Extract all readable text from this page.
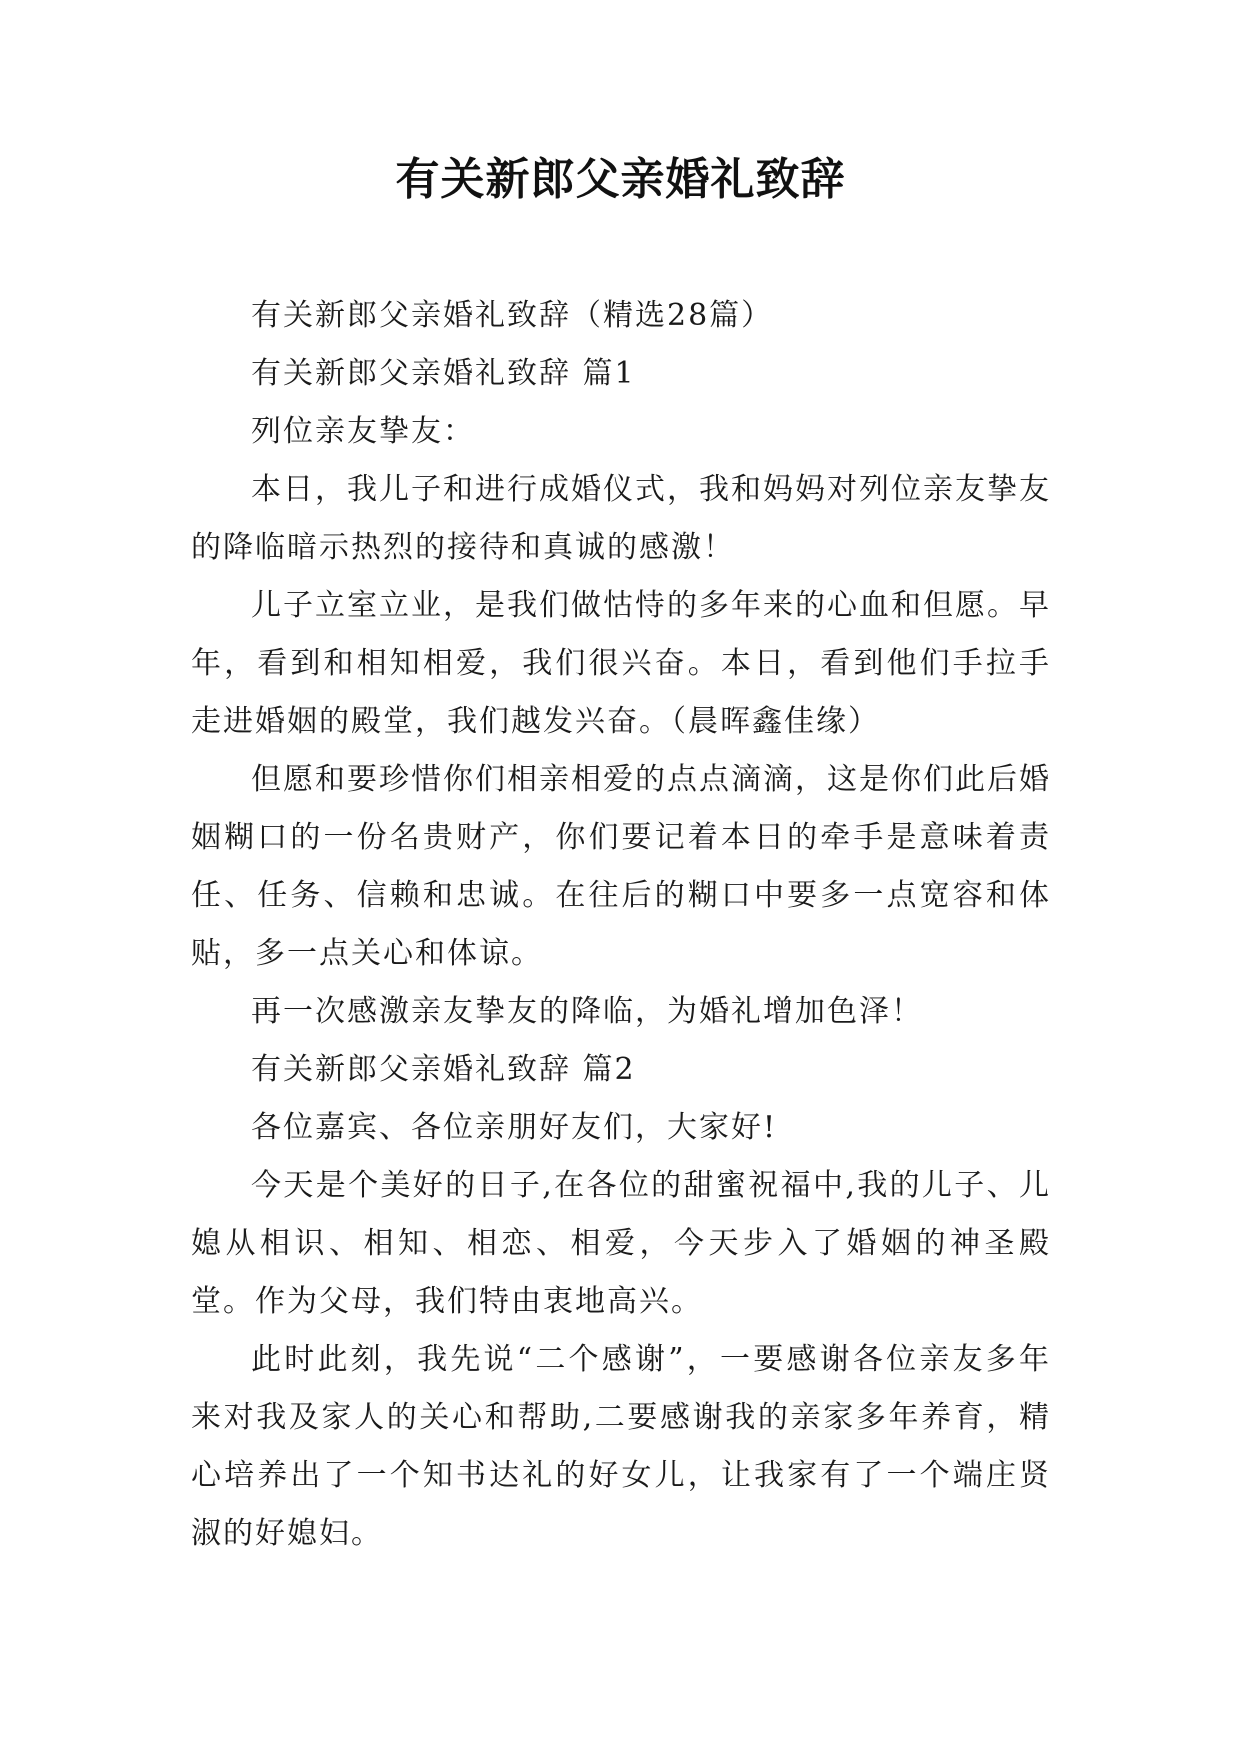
有关新郎父亲婚礼致辞

有关新郎父亲婚礼致辞（精选28篇）

有关新郎父亲婚礼致辞 篇1

列位亲友挚友：

本日，我儿子和进行成婚仪式，我和妈妈对列位亲友挚友的降临暗示热烈的接待和真诚的感激！

儿子立室立业，是我们做怙恃的多年来的心血和但愿。早年，看到和相知相爱，我们很兴奋。本日，看到他们手拉手走进婚姻的殿堂，我们越发兴奋。（晨晖鑫佳缘）

但愿和要珍惜你们相亲相爱的点点滴滴，这是你们此后婚姻糊口的一份名贵财产，你们要记着本日的牵手是意味着责任、任务、信赖和忠诚。在往后的糊口中要多一点宽容和体贴，多一点关心和体谅。

再一次感激亲友挚友的降临，为婚礼增加色泽！

有关新郎父亲婚礼致辞 篇2

各位嘉宾、各位亲朋好友们，大家好!

今天是个美好的日子,在各位的甜蜜祝福中,我的儿子、儿媳从相识、相知、相恋、相爱，今天步入了婚姻的神圣殿堂。作为父母，我们特由衷地高兴。

此时此刻，我先说“二个感谢”，一要感谢各位亲友多年来对我及家人的关心和帮助,二要感谢我的亲家多年养育，精心培养出了一个知书达礼的好女儿，让我家有了一个端庄贤淑的好媳妇。
